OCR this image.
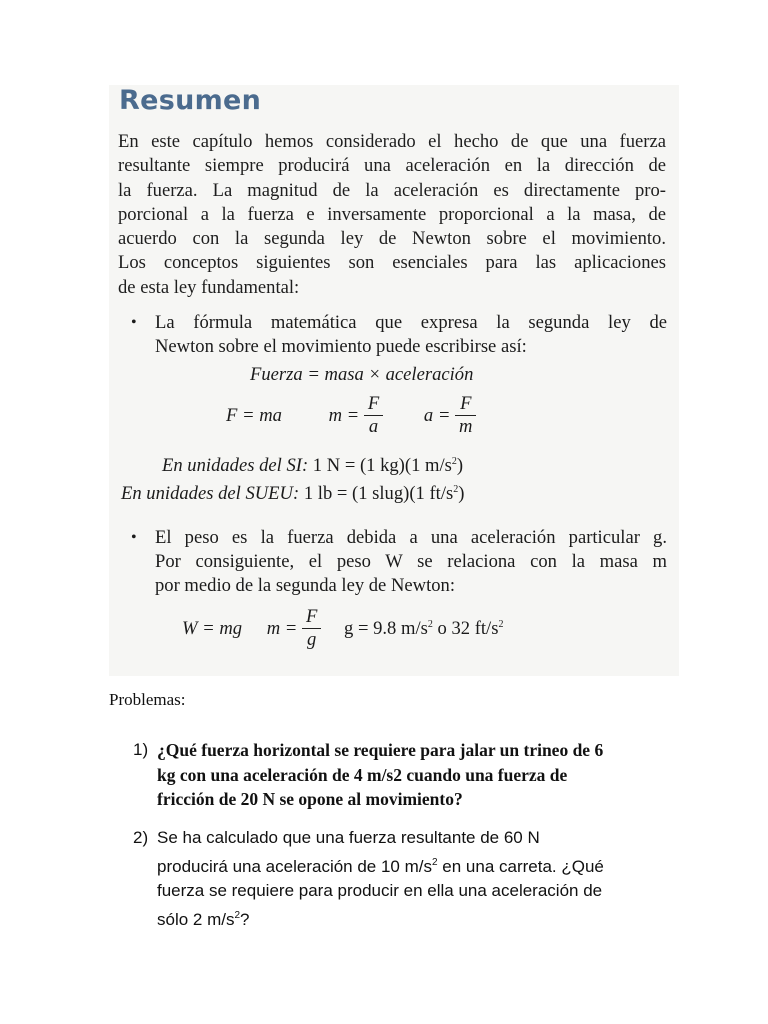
Resumen
En este capítulo hemos considerado el hecho de que una fuerza
resultante siempre producirá una aceleración en la dirección de
la fuerza. La magnitud de la aceleración es directamente pro-
porcional a la fuerza e inversamente proporcional a la masa, de
acuerdo con la segunda ley de Newton sobre el movimiento.
Los conceptos siguientes son esenciales para las aplicaciones
de esta ley fundamental:
• La fórmula matemática que expresa la segunda ley de
Newton sobre el movimiento puede escribirse así:
Fuerza = masa × aceleración
F = ma	$m = \frac{F}{a}$ $a = \frac{F}{m}$
En unidades del SI: 1 N = (1 kg)(1 $m/s^2$)
En unidades del SUEU: 1 lb = (1 slug)(1 $ft/s^2$)
• El peso es la fuerza debida a una aceleración particular g.
Por consiguiente, el peso W se relaciona con la masa m
por medio de la segunda ley de Newton:
W = mg $m = \frac{F}{g}$ g = 9.8 $m/s^2$ o 32 $ft/s^2$
Problemas:
1) ¿Qué fuerza horizontal se requiere para jalar un trineo de 6
kg con una aceleración de 4 m/s2 cuando una fuerza de
fricción de 20 N se opone al movimiento?
2) Se ha calculado que una fuerza resultante de 60 N
producirá una aceleración de 10 $m/s^2$ en una carreta. ¿Qué
fuerza se requiere para producir en ella una aceleración de
sólo 2 $m/s^2$?
